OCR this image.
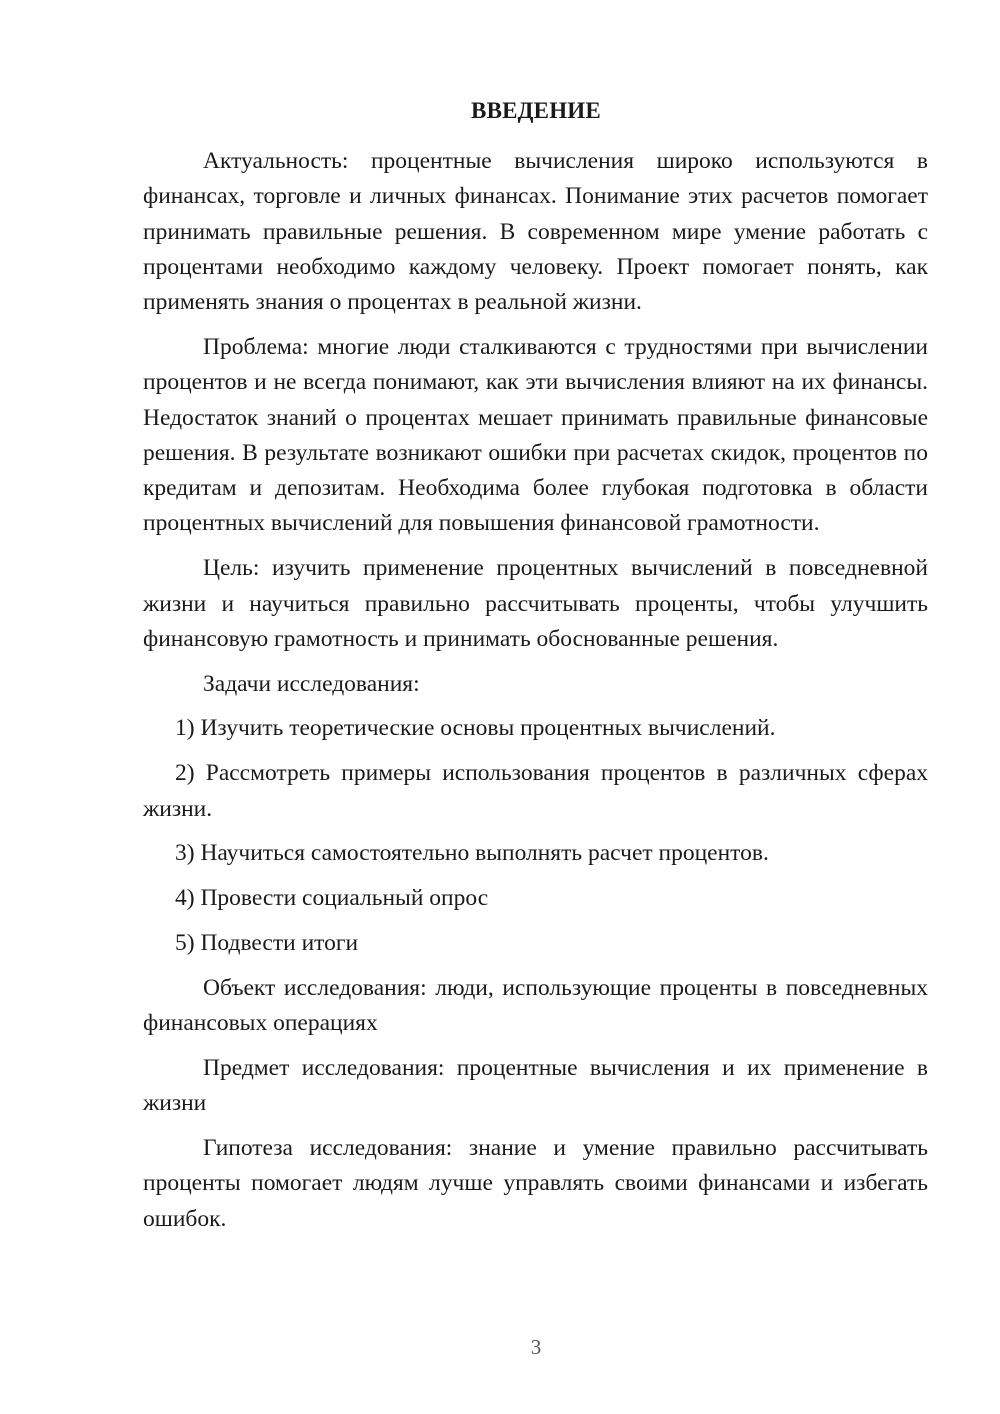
ВВЕДЕНИЕ

Актуальность: процентные вычисления широко используются в финансах, торговле и личных финансах. Понимание этих расчетов помогает принимать правильные решения. В современном мире умение работать с процентами необходимо каждому человеку. Проект помогает понять, как применять знания о процентах в реальной жизни.

Проблема: многие люди сталкиваются с трудностями при вычислении процентов и не всегда понимают, как эти вычисления влияют на их финансы. Недостаток знаний о процентах мешает принимать правильные финансовые решения. В результате возникают ошибки при расчетах скидок, процентов по кредитам и депозитам. Необходима более глубокая подготовка в области процентных вычислений для повышения финансовой грамотности.

Цель: изучить применение процентных вычислений в повседневной жизни и научиться правильно рассчитывать проценты, чтобы улучшить финансовую грамотность и принимать обоснованные решения.

Задачи исследования:

1) Изучить теоретические основы процентных вычислений.

2) Рассмотреть примеры использования процентов в различных сферах жизни.

3) Научиться самостоятельно выполнять расчет процентов.

4) Провести социальный опрос

5) Подвести итоги

Объект исследования: люди, использующие проценты в повседневных финансовых операциях

Предмет исследования: процентные вычисления и их применение в жизни

Гипотеза исследования: знание и умение правильно рассчитывать проценты помогает людям лучше управлять своими финансами и избегать ошибок.

3
